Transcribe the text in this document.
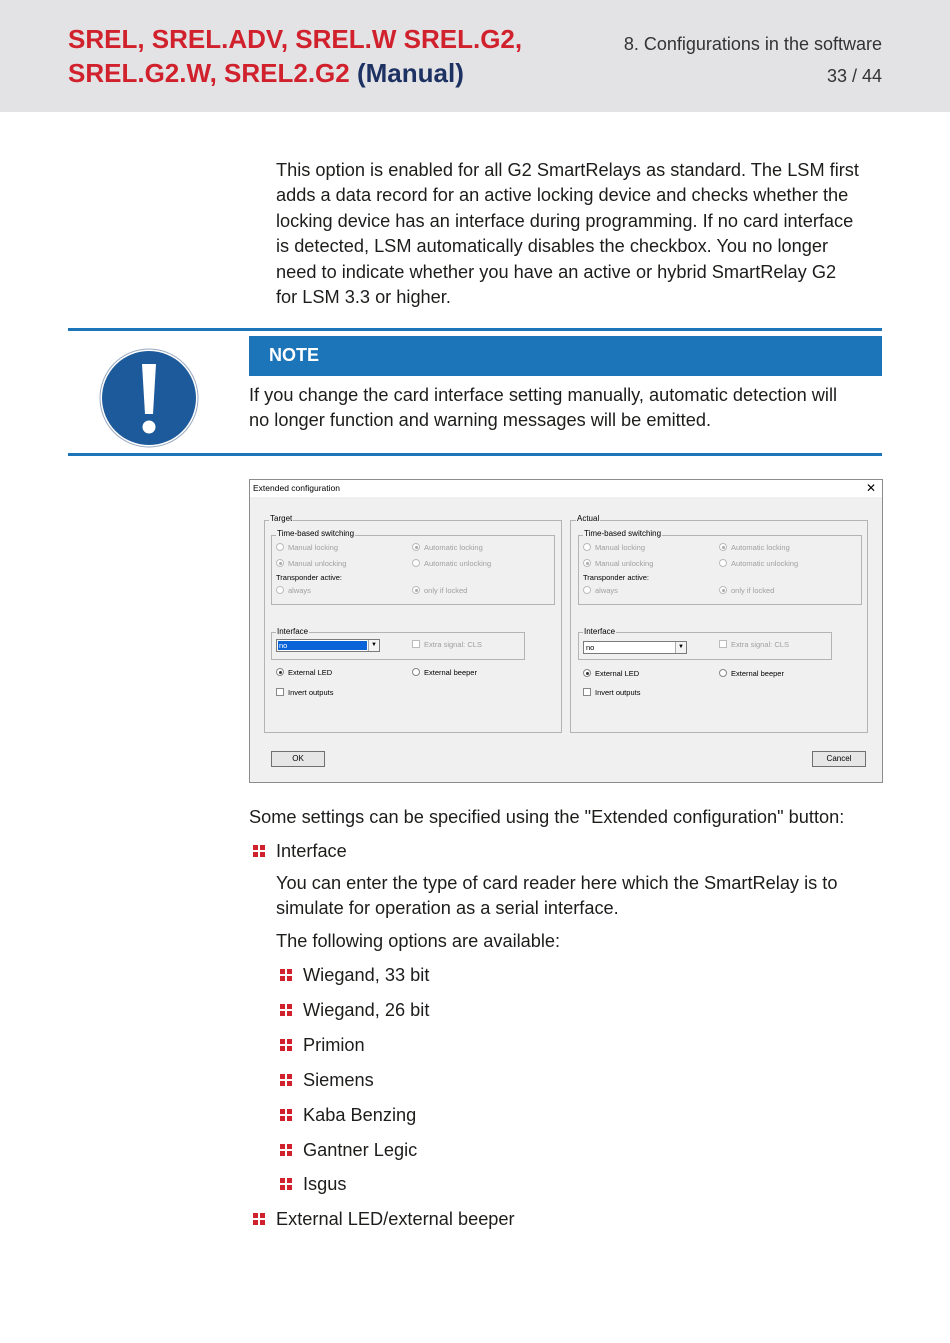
SREL, SREL.ADV, SREL.W SREL.G2,
SREL.G2.W, SREL2.G2 (Manual)
8. Configurations in the software
33 / 44
This option is enabled for all G2 SmartRelays as standard. The LSM first
adds a data record for an active locking device and checks whether the
locking device has an interface during programming. If no card interface
is detected, LSM automatically disables the checkbox. You no longer
need to indicate whether you have an active or hybrid SmartRelay G2
for LSM 3.3 or higher.
NOTE
If you change the card interface setting manually, automatic detection will
no longer function and warning messages will be emitted.
Extended configuration	✕
Target
Time-based switching
Manual locking	Automatic locking
Manual unlocking	Automatic unlocking
Transponder active:
always	only if locked
Interface
no	▼	Extra signal: CLS
External LED	External beeper
Invert outputs
Actual
Time-based switching
Manual locking	Automatic locking
Manual unlocking	Automatic unlocking
Transponder active:
always	only if locked
Interface
no	▼	Extra signal: CLS
External LED	External beeper
Invert outputs
OK	Cancel
Some settings can be specified using the "Extended configuration" button:
Interface
You can enter the type of card reader here which the SmartRelay is to
simulate for operation as a serial interface.
The following options are available:
Wiegand, 33 bit
Wiegand, 26 bit
Primion
Siemens
Kaba Benzing
Gantner Legic
Isgus
External LED/external beeper
